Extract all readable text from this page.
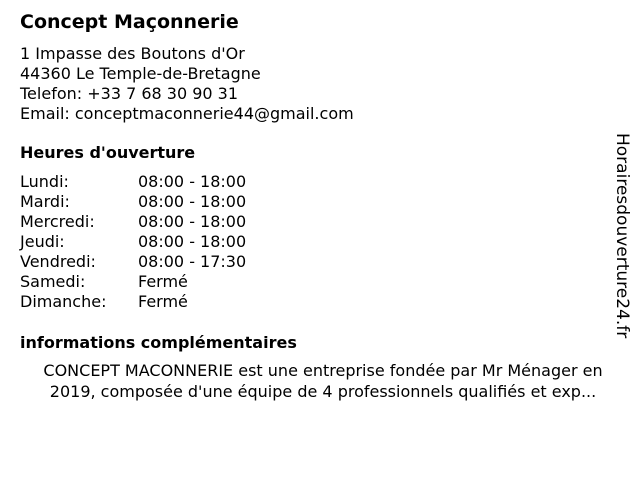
Concept Maçonnerie
1 Impasse des Boutons d'Or
44360 Le Temple-de-Bretagne
Telefon: +33 7 68 30 90 31
Email: conceptmaconnerie44@gmail.com
Heures d'ouverture
Lundi:	08:00 - 18:00
Mardi:	08:00 - 18:00
Mercredi:	08:00 - 18:00
Jeudi:	08:00 - 18:00
Vendredi:	08:00 - 17:30
Samedi:	Fermé
Dimanche:	Fermé
informations complémentaires
CONCEPT MACONNERIE est une entreprise fondée par Mr Ménager en 2019, composée d'une équipe de 4 professionnels qualifiés et exp...
Horairesdouverture24.fr
